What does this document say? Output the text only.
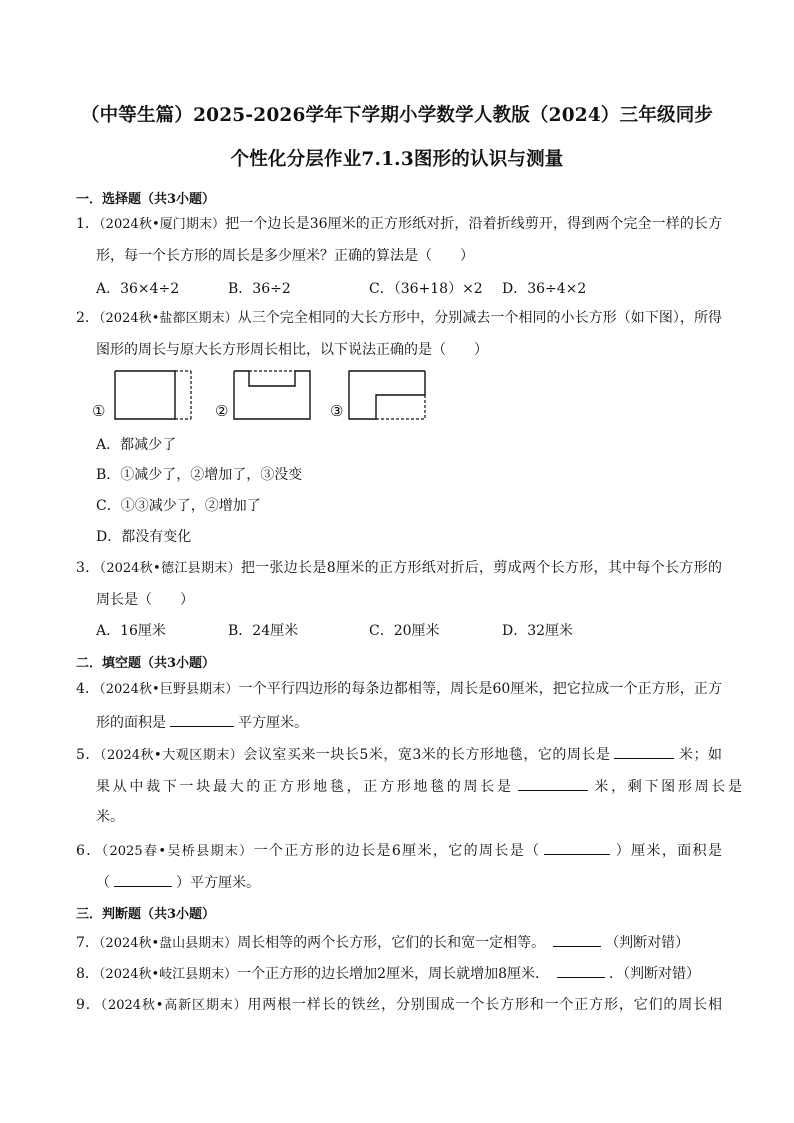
（中等生篇）2025-2026学年下学期小学数学人教版（2024）三年级同步
个性化分层作业7.1.3图形的认识与测量
一．选择题（共3小题）
1．（2024秋•厦门期末）把一个边长是36厘米的正方形纸对折，沿着折线剪开，得到两个完全一样的长方
形，每一个长方形的周长是多少厘米？正确的算法是（　　）
A．36×4÷2	B．36÷2	C．（36+18）×2 D．36÷4×2
2．（2024秋•盐都区期末）从三个完全相同的大长方形中，分别减去一个相同的小长方形（如下图），所得
图形的周长与原大长方形周长相比，以下说法正确的是（　　）
①	②	③
A．都减少了
B．①减少了，②增加了，③没变
C．①③减少了，②增加了
D．都没有变化
3．（2024秋•德江县期末）把一张边长是8厘米的正方形纸对折后，剪成两个长方形，其中每个长方形的
周长是（　　）
A．16厘米	B．24厘米	C．20厘米	D．32厘米
二．填空题（共3小题）
4．（2024秋•巨野县期末）一个平行四边形的每条边都相等，周长是60厘米，把它拉成一个正方形，正方
形的面积是	平方厘米。
5．（2024秋•大观区期末）会议室买来一块长5米，宽3米的长方形地毯，它的周长是	米；如
果从中裁下一块最大的正方形地毯，正方形地毯的周长是	米，剩下图形周长是
米。
6．（2025春•吴桥县期末）一个正方形的边长是6厘米，它的周长是（	）厘米，面积是
（	）平方厘米。
三．判断题（共3小题）
7．（2024秋•盘山县期末）周长相等的两个长方形，它们的长和宽一定相等。	（判断对错）
8．（2024秋•岐江县期末）一个正方形的边长增加2厘米，周长就增加8厘米．	．（判断对错）
9．（2024秋•高新区期末）用两根一样长的铁丝，分别围成一个长方形和一个正方形，它们的周长相
